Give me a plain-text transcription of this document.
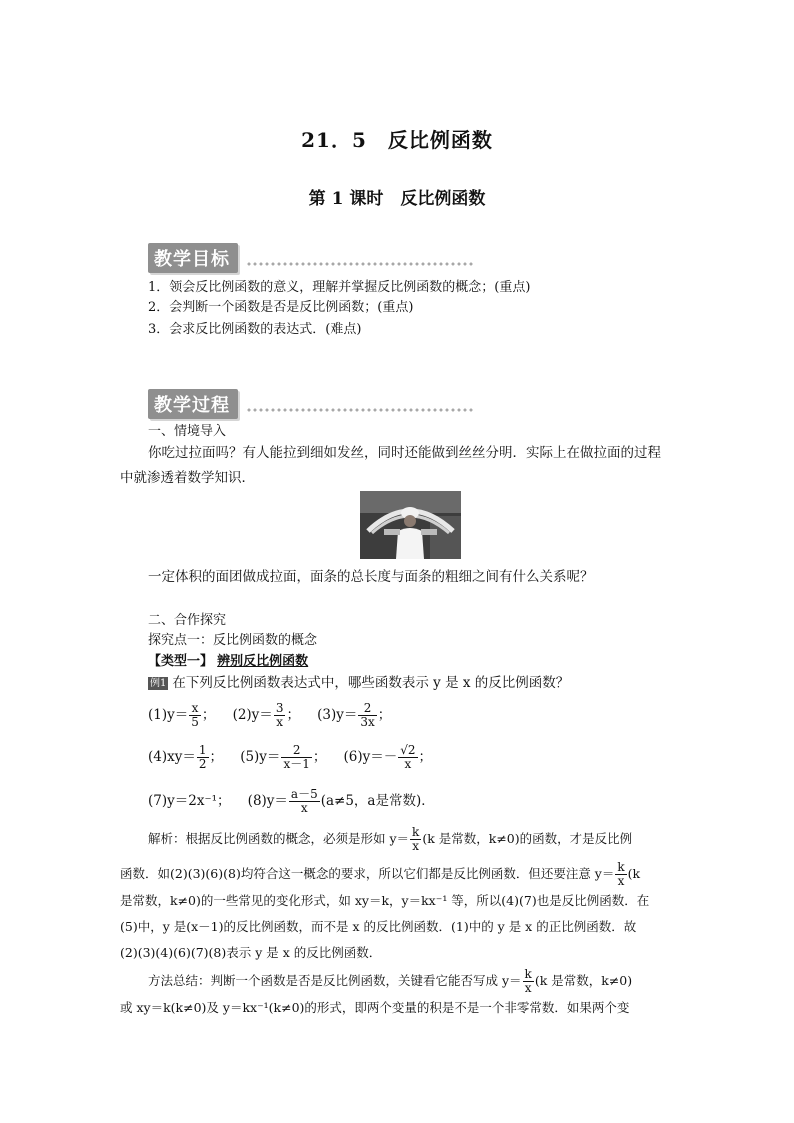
21．5　反比例函数
第 1 课时　反比例函数
教学目标
1．领会反比例函数的意义，理解并掌握反比例函数的概念；(重点)
2．会判断一个函数是否是反比例函数；(重点)
3．会求反比例函数的表达式．(难点)
教学过程
一、情境导入
你吃过拉面吗？有人能拉到细如发丝，同时还能做到丝丝分明．实际上在做拉面的过程
中就渗透着数学知识．
一定体积的面团做成拉面，面条的总长度与面条的粗细之间有什么关系呢？
二、合作探究
探究点一：反比例函数的概念
【类型一】 辨别反比例函数
例1 在下列反比例函数表达式中，哪些函数表示 y 是 x 的反比例函数？
$(1)y= \frac{x}{5}$ ； $(2)y= \frac{3}{x}$ ； $(3)y= \frac{2}{3x}$ ；
$(4)xy= \frac{1}{2}$ ； $(5)y= \frac{2}{x-1}$ ； $(6)y=- \frac{√2}{x}$ ；
(7)y＝2x⁻¹； $(8)y= \frac{a-5}{x} (a\ne 5$，a是常数)．
解析：根据反比例函数的概念，必须是形如 $y= \frac{k}{x} (k$ 是常数，k≠0)的函数，才是反比例
函数．如(2)(3)(6)(8)均符合这一概念的要求，所以它们都是反比例函数．但还要注意 $y= \frac{k}{x} (k$
是常数，k≠0)的一些常见的变化形式，如 xy＝k，y＝kx⁻¹ 等，所以(4)(7)也是反比例函数．在
(5)中，y 是(x－1)的反比例函数，而不是 x 的反比例函数．(1)中的 y 是 x 的正比例函数．故
(2)(3)(4)(6)(7)(8)表示 y 是 x 的反比例函数．
方法总结：判断一个函数是否是反比例函数，关键看它能否写成 $y= \frac{k}{x} (k$ 是常数，k≠0)
或 xy＝k(k≠0)及 y＝kx⁻¹(k≠0)的形式，即两个变量的积是不是一个非零常数．如果两个变
